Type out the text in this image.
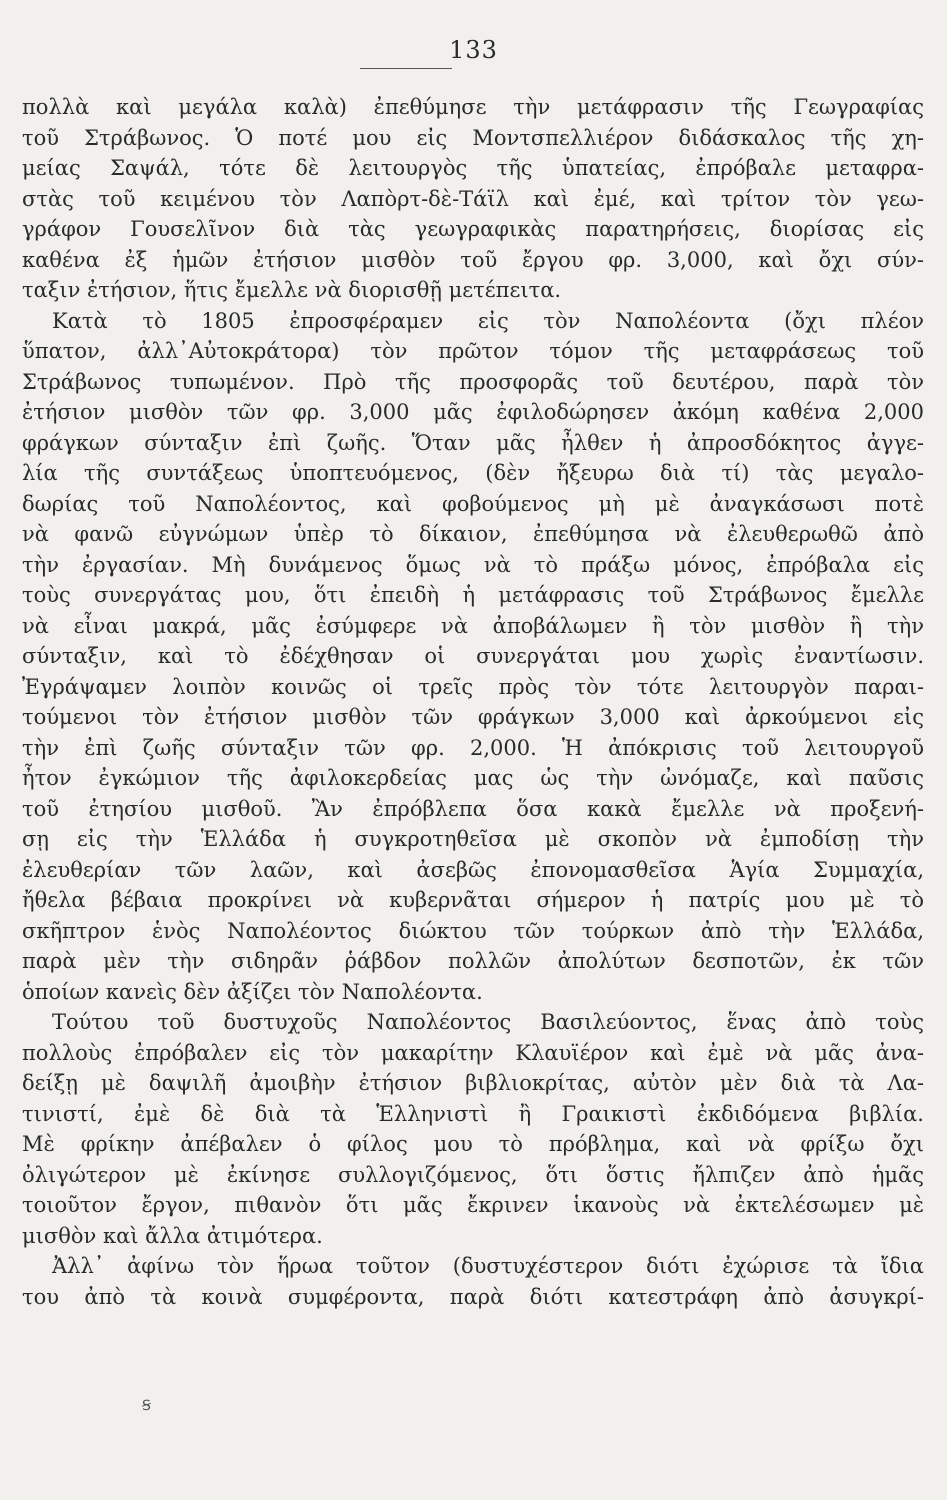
133
πολλὰ καὶ μεγάλα καλὰ) ἐπεθύμησε τὴν μετάφρασιν τῆς Γεωγραφίας
τοῦ Στράβωνος. Ὁ ποτέ μου εἰς Μοντσπελλιέρον διδάσκαλος τῆς χη-
μείας Σαψάλ, τότε δὲ λειτουργὸς τῆς ὑπατείας, ἐπρόβαλε μεταφρα-
στὰς τοῦ κειμένου τὸν Λαπὸρτ-δὲ-Τάϊλ καὶ ἐμέ, καὶ τρίτον τὸν γεω-
γράφον Γουσελῖνον διὰ τὰς γεωγραφικὰς παρατηρήσεις, διορίσας εἰς
καθένα ἐξ ἡμῶν ἐτήσιον μισθὸν τοῦ ἔργου φρ. 3,000, καὶ ὄχι σύν-
ταξιν ἐτήσιον, ἥτις ἔμελλε νὰ διορισθῇ μετέπειτα.
Κατὰ τὸ 1805 ἐπροσφέραμεν εἰς τὸν Ναπολέοντα (ὄχι πλέον
ὕπατον, ἀλλ᾽Αὐτοκράτορα) τὸν πρῶτον τόμον τῆς μεταφράσεως τοῦ
Στράβωνος τυπωμένον. Πρὸ τῆς προσφορᾶς τοῦ δευτέρου, παρὰ τὸν
ἐτήσιον μισθὸν τῶν φρ. 3,000 μᾶς ἐφιλοδώρησεν ἀκόμη καθένα 2,000
φράγκων σύνταξιν ἐπὶ ζωῆς. Ὅταν μᾶς ἦλθεν ἡ ἀπροσδόκητος ἀγγε-
λία τῆς συντάξεως ὑποπτευόμενος, (δὲν ἤξευρω διὰ τί) τὰς μεγαλο-
δωρίας τοῦ Ναπολέοντος, καὶ φοβούμενος μὴ μὲ ἀναγκάσωσι ποτὲ
νὰ φανῶ εὐγνώμων ὑπὲρ τὸ δίκαιον, ἐπεθύμησα νὰ ἐλευθερωθῶ ἀπὸ
τὴν ἐργασίαν. Μὴ δυνάμενος ὅμως νὰ τὸ πράξω μόνος, ἐπρόβαλα εἰς
τοὺς συνεργάτας μου, ὅτι ἐπειδὴ ἡ μετάφρασις τοῦ Στράβωνος ἔμελλε
νὰ εἶναι μακρά, μᾶς ἐσύμφερε νὰ ἀποβάλωμεν ἢ τὸν μισθὸν ἢ τὴν
σύνταξιν, καὶ τὸ ἐδέχθησαν οἱ συνεργάται μου χωρὶς ἐναντίωσιν.
Ἐγράψαμεν λοιπὸν κοινῶς οἱ τρεῖς πρὸς τὸν τότε λειτουργὸν παραι-
τούμενοι τὸν ἐτήσιον μισθὸν τῶν φράγκων 3,000 καὶ ἀρκούμενοι εἰς
τὴν ἐπὶ ζωῆς σύνταξιν τῶν φρ. 2,000. Ἡ ἀπόκρισις τοῦ λειτουργοῦ
ἦτον ἐγκώμιον τῆς ἀφιλοκερδείας μας ὡς τὴν ὠνόμαζε, καὶ παῦσις
τοῦ ἐτησίου μισθοῦ. Ἂν ἐπρόβλεπα ὅσα κακὰ ἔμελλε νὰ προξενή-
σῃ εἰς τὴν Ἑλλάδα ἡ συγκροτηθεῖσα μὲ σκοπὸν νὰ ἐμποδίσῃ τὴν
ἐλευθερίαν τῶν λαῶν, καὶ ἀσεβῶς ἐπονομασθεῖσα Ἁγία Συμμαχία,
ἤθελα βέβαια προκρίνει νὰ κυβερνᾶται σήμερον ἡ πατρίς μου μὲ τὸ
σκῆπτρον ἑνὸς Ναπολέοντος διώκτου τῶν τούρκων ἀπὸ τὴν Ἑλλάδα,
παρὰ μὲν τὴν σιδηρᾶν ῥάβδον πολλῶν ἀπολύτων δεσποτῶν, ἐκ τῶν
ὁποίων κανεὶς δὲν ἀξίζει τὸν Ναπολέοντα.
Τούτου τοῦ δυστυχοῦς Ναπολέοντος Βασιλεύοντος, ἕνας ἀπὸ τοὺς
πολλοὺς ἐπρόβαλεν εἰς τὸν μακαρίτην Κλαυϊέρον καὶ ἐμὲ νὰ μᾶς ἀνα-
δείξῃ μὲ δαψιλῆ ἀμοιβὴν ἐτήσιον βιβλιοκρίτας, αὐτὸν μὲν διὰ τὰ Λα-
τινιστί, ἐμὲ δὲ διὰ τὰ Ἑλληνιστὶ ἢ Γραικιστὶ ἐκδιδόμενα βιβλία.
Μὲ φρίκην ἀπέβαλεν ὁ φίλος μου τὸ πρόβλημα, καὶ νὰ φρίξω ὄχι
ὀλιγώτερον μὲ ἐκίνησε συλλογιζόμενος, ὅτι ὅστις ἤλπιζεν ἀπὸ ἡμᾶς
τοιοῦτον ἔργον, πιθανὸν ὅτι μᾶς ἔκρινεν ἱκανοὺς νὰ ἐκτελέσωμεν μὲ
μισθὸν καὶ ἄλλα ἀτιμότερα.
Ἀλλ᾽ ἀφίνω τὸν ἥρωα τοῦτον (δυστυχέστερον διότι ἐχώρισε τὰ ἴδια
του ἀπὸ τὰ κοινὰ συμφέροντα, παρὰ διότι κατεστράφη ἀπὸ ἀσυγκρί-
Ꞩ
